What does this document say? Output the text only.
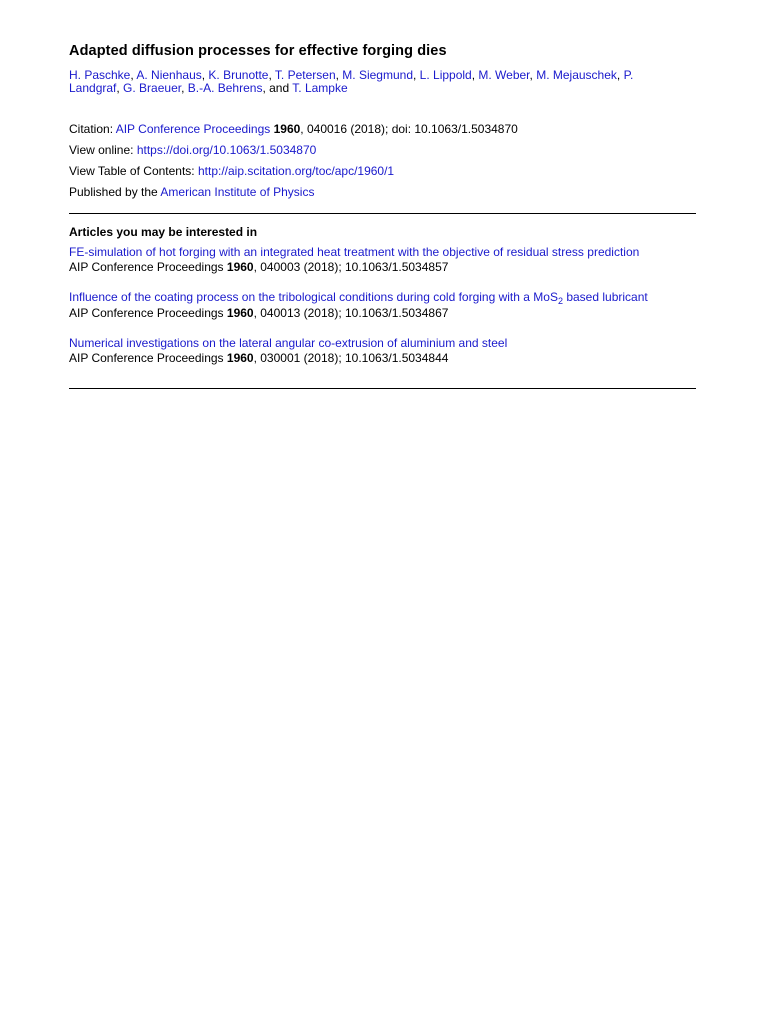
Adapted diffusion processes for effective forging dies
H. Paschke, A. Nienhaus, K. Brunotte, T. Petersen, M. Siegmund, L. Lippold, M. Weber, M. Mejauschek, P. Landgraf, G. Braeuer, B.-A. Behrens, and T. Lampke
Citation: AIP Conference Proceedings 1960, 040016 (2018); doi: 10.1063/1.5034870
View online: https://doi.org/10.1063/1.5034870
View Table of Contents: http://aip.scitation.org/toc/apc/1960/1
Published by the American Institute of Physics
Articles you may be interested in
FE-simulation of hot forging with an integrated heat treatment with the objective of residual stress prediction
AIP Conference Proceedings 1960, 040003 (2018); 10.1063/1.5034857
Influence of the coating process on the tribological conditions during cold forging with a MoS$_2$ based lubricant
AIP Conference Proceedings 1960, 040013 (2018); 10.1063/1.5034867
Numerical investigations on the lateral angular co-extrusion of aluminium and steel
AIP Conference Proceedings 1960, 030001 (2018); 10.1063/1.5034844
